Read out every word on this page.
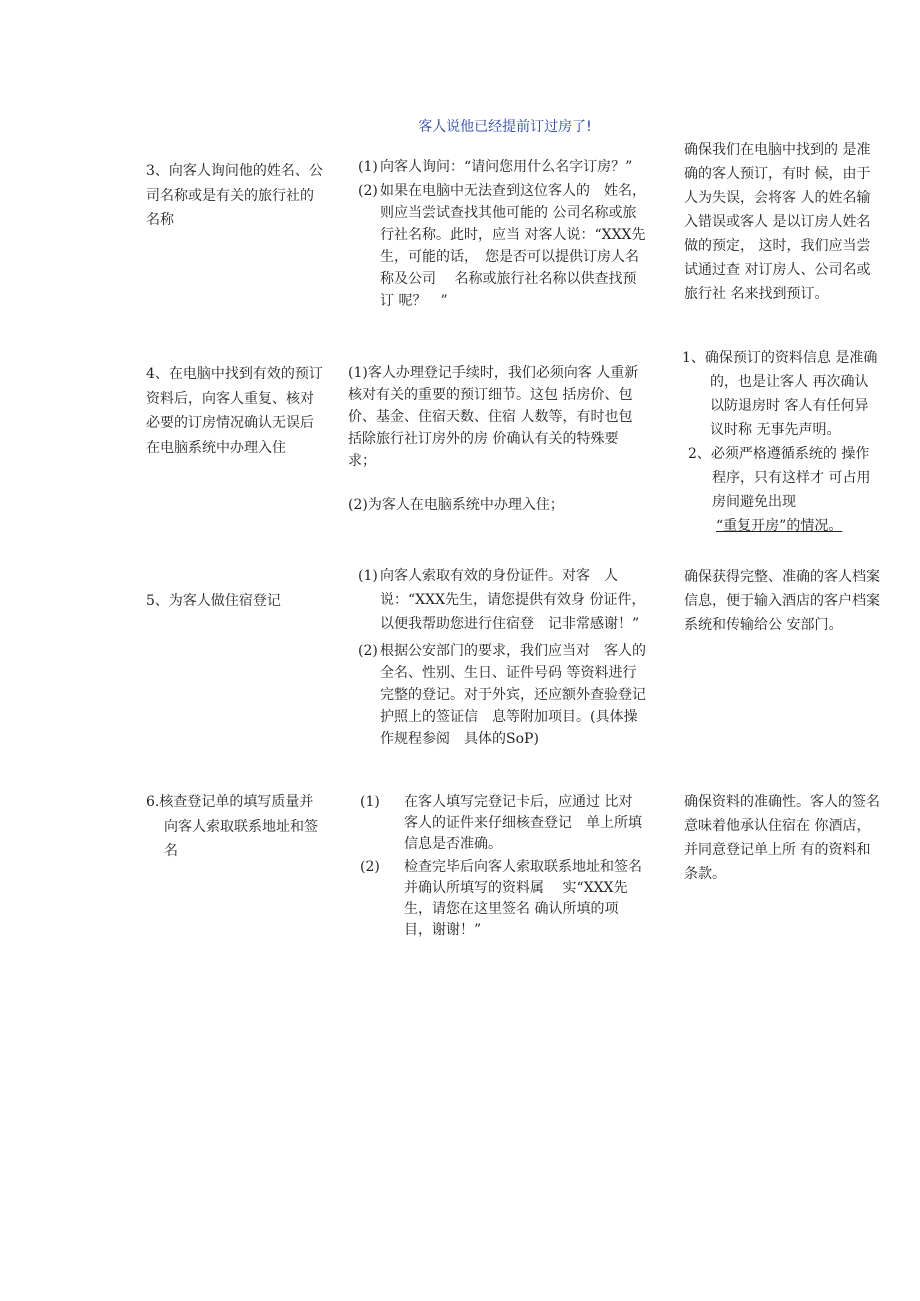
客人说他已经提前订过房了!
3、向客人询问他的姓名、公司名称或是有关的旅行社的名称
(1) 向客人询问：“请问您用什么名字订房？”
(2) 如果在电脑中无法查到这位客人的　姓名，则应当尝试查找其他可能的 公司名称或旅行社名称。此时，应当 对客人说：“XXX先生，可能的话，　您是否可以提供订房人名称及公司　 名称或旅行社名称以供查找预订 呢？　”
确保我们在电脑中找到的 是准确的客人预订，有时 候，由于人为失误，会将客 人的姓名输入错误或客人 是以订房人姓名做的预定， 这时，我们应当尝试通过查 对订房人、公司名或旅行社 名来找到预订。
4、在电脑中找到有效的预订资料后，向客人重复、核对必要的订房情况确认无误后在电脑系统中办理入住
(1)客人办理登记手续时，我们必须向客 人重新核对有关的重要的预订细节。这包 括房价、包价、基金、住宿天数、住宿 人数等，有时也包括除旅行社订房外的房 价确认有关的特殊要求；
(2)为客人在电脑系统中办理入住；
1、确保预订的资料信息 是准确的，也是让客人 再次确认以防退房时 客人有任何异议时称 无事先声明。
2、必须严格遵循系统的 操作程序，只有这样才 可占用房间避免出现
“重复开房”的情况。
5、为客人做住宿登记
(1) 向客人索取有效的身份证件。对客　人说：“XXX先生，请您提供有效身 份证件，以便我帮助您进行住宿登　记非常感谢！”
(2) 根据公安部门的要求，我们应当对　客人的全名、性别、生日、证件号码 等资料进行完整的登记。对于外宾，还应额外查验登记护照上的签证信　息等附加项目。(具体操作规程参阅　具体的SoP)
确保获得完整、准确的客人档案信息，便于输入酒店的客户档案系统和传输给公 安部门。
6.核查登记单的填写质量并向客人索取联系地址和签名
(1) 在客人填写完登记卡后，应通过 比对客人的证件来仔细核查登记　单上所填信息是否准确。
(2) 检查完毕后向客人索取联系地址和签名并确认所填写的资料属　 实“XXX先生，请您在这里签名 确认所填的项目，谢谢！”
确保资料的准确性。客人的签名意味着他承认住宿在 你酒店，并同意登记单上所 有的资料和条款。
